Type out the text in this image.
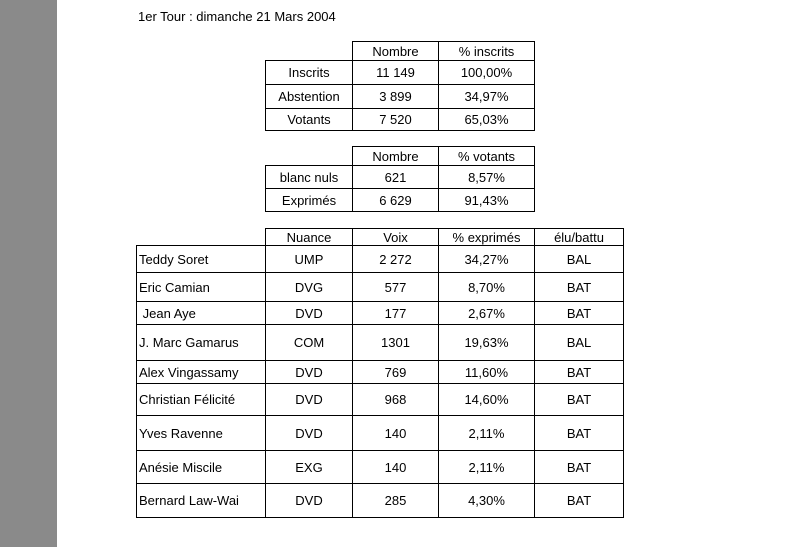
1er Tour : dimanche 21 Mars 2004
	Nombre	% inscrits
Inscrits	11 149	100,00%
Abstention	3 899	34,97%
Votants	7 520	65,03%
	Nombre	% votants
blanc nuls	621	8,57%
Exprimés	6 629	91,43%
	Nuance	Voix	% exprimés	élu/battu
Teddy Soret	UMP	2 272	34,27%	BAL
Eric Camian	DVG	577	8,70%	BAT
Jean Aye	DVD	177	2,67%	BAT
J. Marc Gamarus	COM	1301	19,63%	BAL
Alex Vingassamy	DVD	769	11,60%	BAT
Christian Félicité	DVD	968	14,60%	BAT
Yves Ravenne	DVD	140	2,11%	BAT
Anésie Miscile	EXG	140	2,11%	BAT
Bernard Law-Wai	DVD	285	4,30%	BAT
